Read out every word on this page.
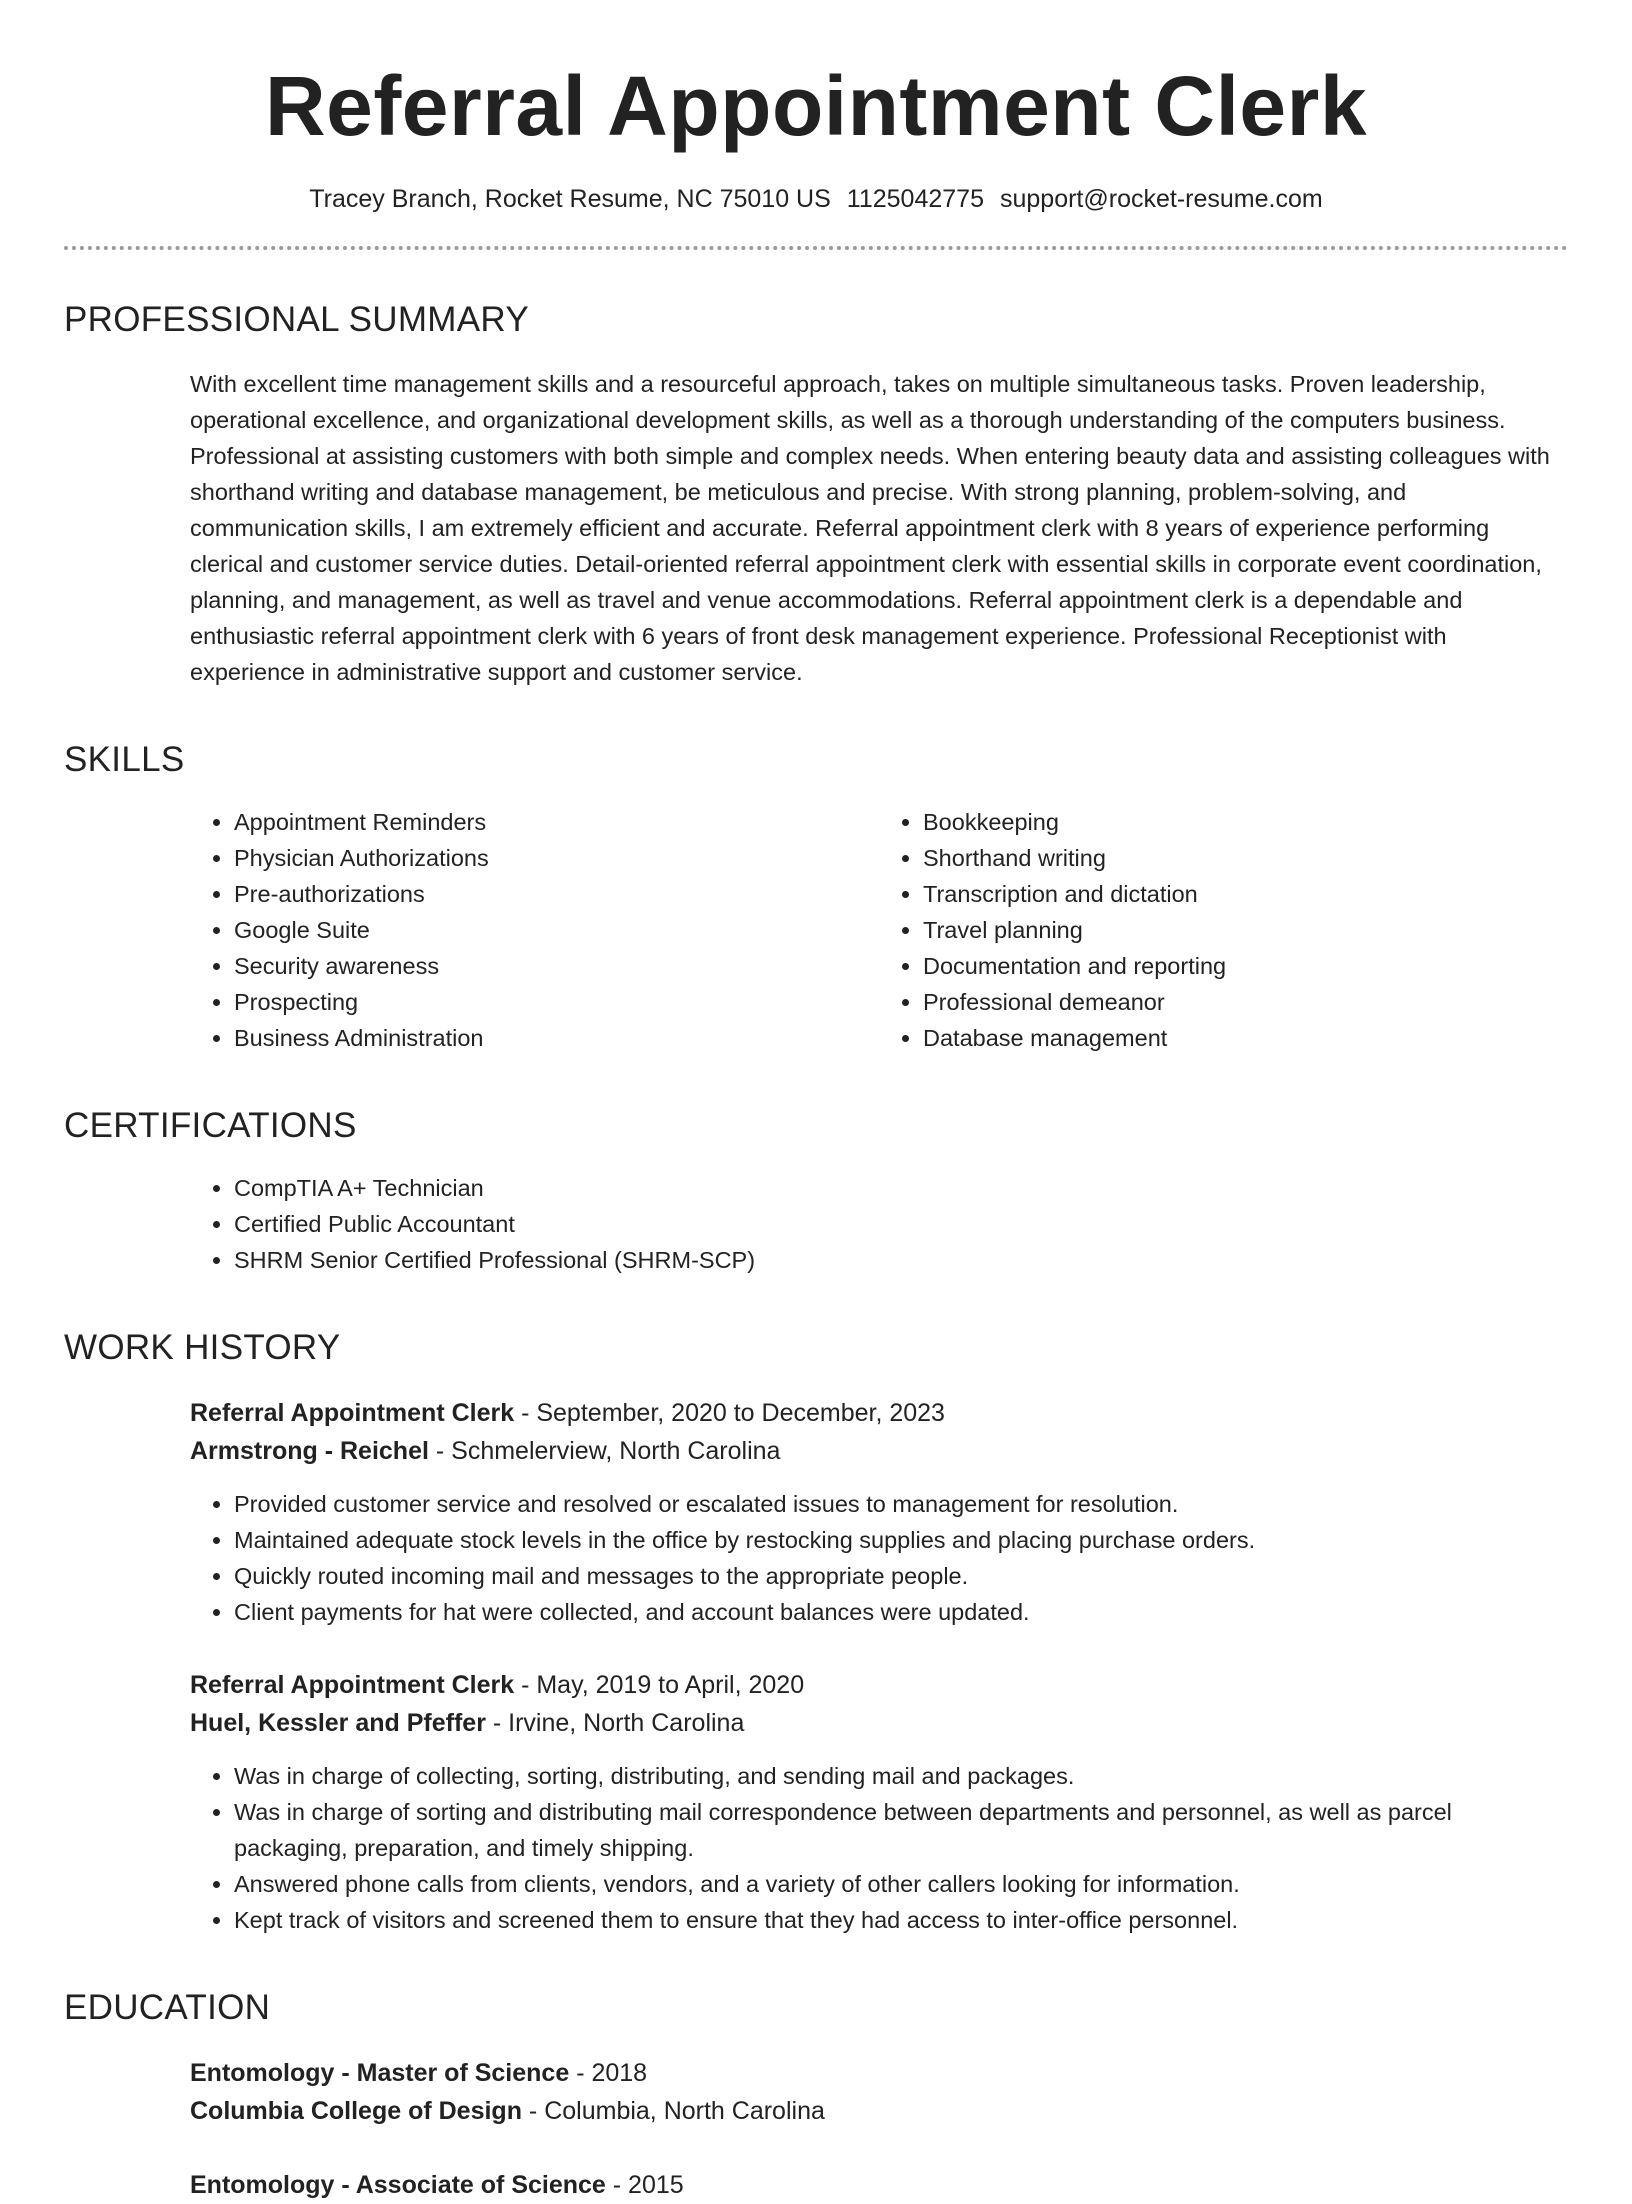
Referral Appointment Clerk
Tracey Branch, Rocket Resume, NC 75010 US 1125042775 support@rocket-resume.com
PROFESSIONAL SUMMARY
With excellent time management skills and a resourceful approach, takes on multiple simultaneous tasks. Proven leadership, operational excellence, and organizational development skills, as well as a thorough understanding of the computers business. Professional at assisting customers with both simple and complex needs. When entering beauty data and assisting colleagues with shorthand writing and database management, be meticulous and precise. With strong planning, problem-solving, and communication skills, I am extremely efficient and accurate. Referral appointment clerk with 8 years of experience performing clerical and customer service duties. Detail-oriented referral appointment clerk with essential skills in corporate event coordination, planning, and management, as well as travel and venue accommodations. Referral appointment clerk is a dependable and enthusiastic referral appointment clerk with 6 years of front desk management experience. Professional Receptionist with experience in administrative support and customer service.
SKILLS
• Appointment Reminders
• Physician Authorizations
• Pre-authorizations
• Google Suite
• Security awareness
• Prospecting
• Business Administration
• Bookkeeping
• Shorthand writing
• Transcription and dictation
• Travel planning
• Documentation and reporting
• Professional demeanor
• Database management
CERTIFICATIONS
• CompTIA A+ Technician
• Certified Public Accountant
• SHRM Senior Certified Professional (SHRM-SCP)
WORK HISTORY
Referral Appointment Clerk - September, 2020 to December, 2023
Armstrong - Reichel - Schmelerview, North Carolina
• Provided customer service and resolved or escalated issues to management for resolution.
• Maintained adequate stock levels in the office by restocking supplies and placing purchase orders.
• Quickly routed incoming mail and messages to the appropriate people.
• Client payments for hat were collected, and account balances were updated.
Referral Appointment Clerk - May, 2019 to April, 2020
Huel, Kessler and Pfeffer - Irvine, North Carolina
• Was in charge of collecting, sorting, distributing, and sending mail and packages.
• Was in charge of sorting and distributing mail correspondence between departments and personnel, as well as parcel packaging, preparation, and timely shipping.
• Answered phone calls from clients, vendors, and a variety of other callers looking for information.
• Kept track of visitors and screened them to ensure that they had access to inter-office personnel.
EDUCATION
Entomology - Master of Science - 2018
Columbia College of Design - Columbia, North Carolina
Entomology - Associate of Science - 2015
